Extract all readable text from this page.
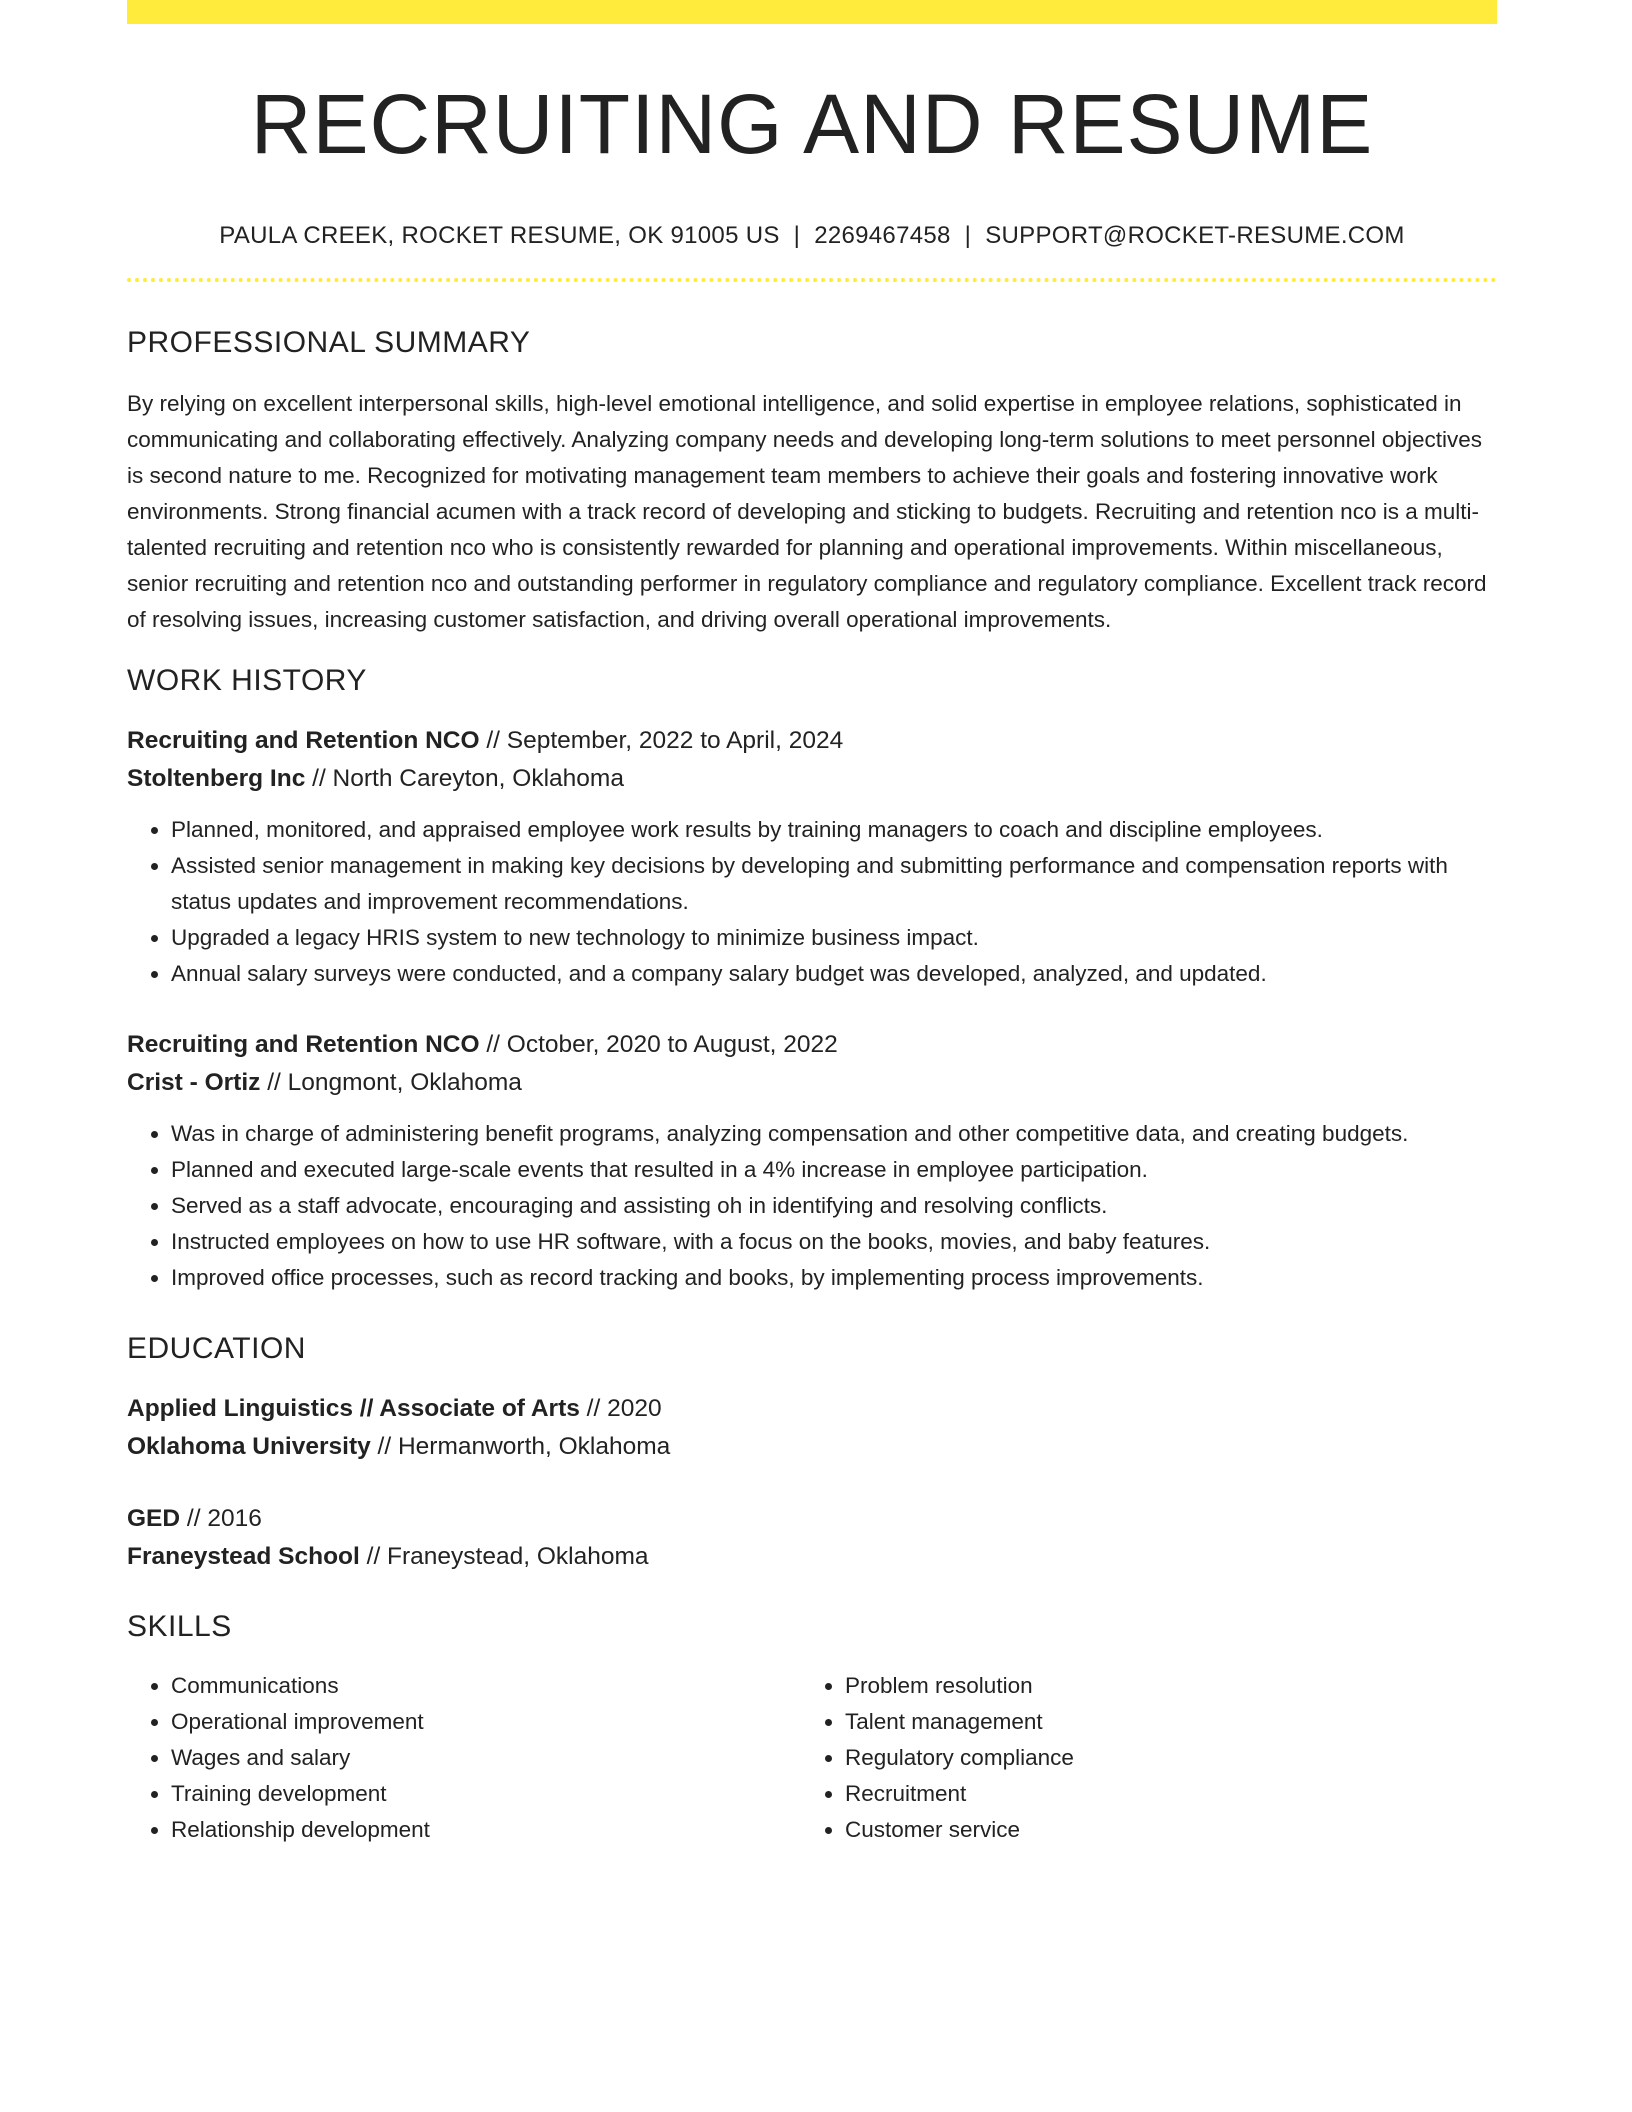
RECRUITING AND RESUME
PAULA CREEK, ROCKET RESUME, OK 91005 US | 2269467458 | SUPPORT@ROCKET-RESUME.COM
PROFESSIONAL SUMMARY
By relying on excellent interpersonal skills, high-level emotional intelligence, and solid expertise in employee relations, sophisticated in communicating and collaborating effectively. Analyzing company needs and developing long-term solutions to meet personnel objectives is second nature to me. Recognized for motivating management team members to achieve their goals and fostering innovative work environments. Strong financial acumen with a track record of developing and sticking to budgets. Recruiting and retention nco is a multi-talented recruiting and retention nco who is consistently rewarded for planning and operational improvements. Within miscellaneous, senior recruiting and retention nco and outstanding performer in regulatory compliance and regulatory compliance. Excellent track record of resolving issues, increasing customer satisfaction, and driving overall operational improvements.
WORK HISTORY
Recruiting and Retention NCO // September, 2022 to April, 2024
Stoltenberg Inc // North Careyton, Oklahoma
• Planned, monitored, and appraised employee work results by training managers to coach and discipline employees.
• Assisted senior management in making key decisions by developing and submitting performance and compensation reports with status updates and improvement recommendations.
• Upgraded a legacy HRIS system to new technology to minimize business impact.
• Annual salary surveys were conducted, and a company salary budget was developed, analyzed, and updated.
Recruiting and Retention NCO // October, 2020 to August, 2022
Crist - Ortiz // Longmont, Oklahoma
• Was in charge of administering benefit programs, analyzing compensation and other competitive data, and creating budgets.
• Planned and executed large-scale events that resulted in a 4% increase in employee participation.
• Served as a staff advocate, encouraging and assisting oh in identifying and resolving conflicts.
• Instructed employees on how to use HR software, with a focus on the books, movies, and baby features.
• Improved office processes, such as record tracking and books, by implementing process improvements.
EDUCATION
Applied Linguistics // Associate of Arts // 2020
Oklahoma University // Hermanworth, Oklahoma
GED // 2016
Franeystead School // Franeystead, Oklahoma
SKILLS
• Communications
• Operational improvement
• Wages and salary
• Training development
• Relationship development
• Problem resolution
• Talent management
• Regulatory compliance
• Recruitment
• Customer service
